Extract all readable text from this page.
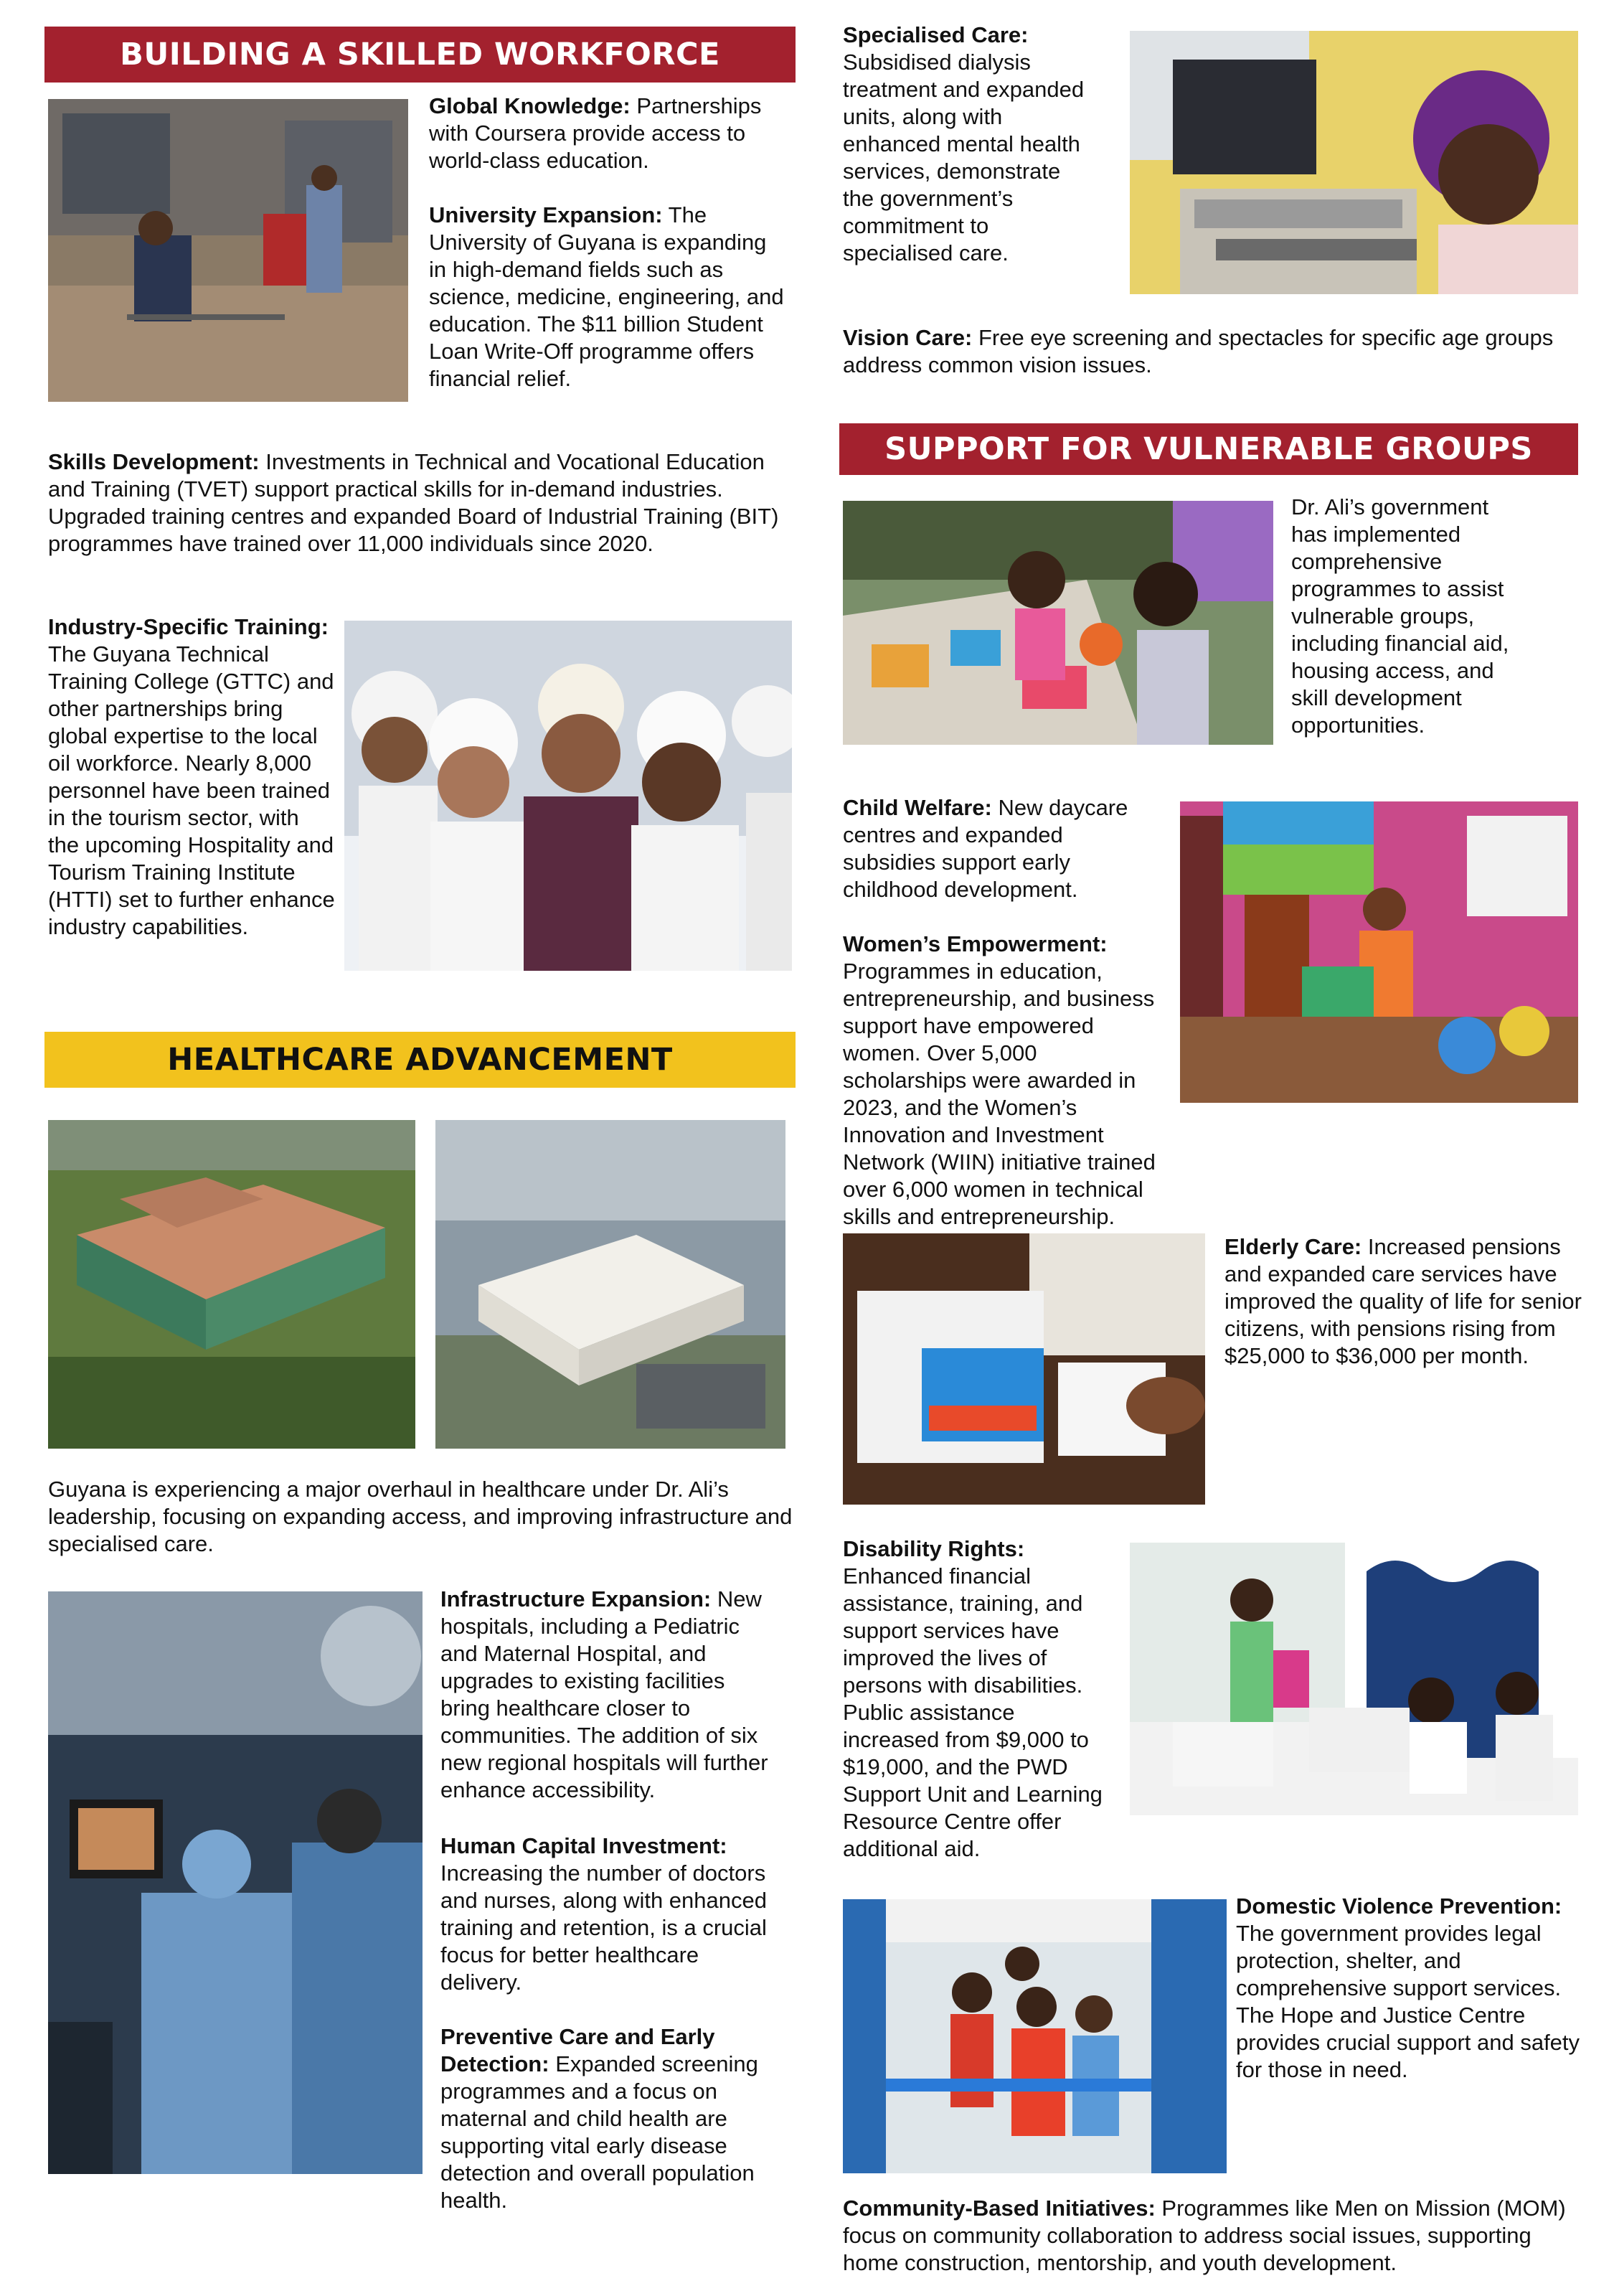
BUILDING A SKILLED WORKFORCE

Global Knowledge: Partnerships with Coursera provide access to world-class education.

University Expansion: The University of Guyana is expanding in high-demand fields such as science, medicine, engineering, and education. The $11 billion Student Loan Write-Off programme offers financial relief.

Skills Development: Investments in Technical and Vocational Education and Training (TVET) support practical skills for in-demand industries. Upgraded training centres and expanded Board of Industrial Training (BIT) programmes have trained over 11,000 individuals since 2020.

Industry-Specific Training: The Guyana Technical Training College (GTTC) and other partnerships bring global expertise to the local oil workforce. Nearly 8,000 personnel have been trained in the tourism sector, with the upcoming Hospitality and Tourism Training Institute (HTTI) set to further enhance industry capabilities.

HEALTHCARE ADVANCEMENT

Guyana is experiencing a major overhaul in healthcare under Dr. Ali’s leadership, focusing on expanding access, and improving infrastructure and specialised care.

Infrastructure Expansion: New hospitals, including a Pediatric and Maternal Hospital, and upgrades to existing facilities bring healthcare closer to communities. The addition of six new regional hospitals will further enhance accessibility.

Human Capital Investment: Increasing the number of doctors and nurses, along with enhanced training and retention, is a crucial focus for better healthcare delivery.

Preventive Care and Early Detection: Expanded screening programmes and a focus on maternal and child health are supporting vital early disease detection and overall population health.

Specialised Care: Subsidised dialysis treatment and expanded units, along with enhanced mental health services, demonstrate the government’s commitment to specialised care.

Vision Care: Free eye screening and spectacles for specific age groups address common vision issues.

SUPPORT FOR VULNERABLE GROUPS

Dr. Ali’s government has implemented comprehensive programmes to assist vulnerable groups, including financial aid, housing access, and skill development opportunities.

Child Welfare: New daycare centres and expanded subsidies support early childhood development.

Women’s Empowerment: Programmes in education, entrepreneurship, and business support have empowered women. Over 5,000 scholarships were awarded in 2023, and the Women’s Innovation and Investment Network (WIIN) initiative trained over 6,000 women in technical skills and entrepreneurship.

Elderly Care: Increased pensions and expanded care services have improved the quality of life for senior citizens, with pensions rising from $25,000 to $36,000 per month.

Disability Rights: Enhanced financial assistance, training, and support services have improved the lives of persons with disabilities. Public assistance increased from $9,000 to $19,000, and the PWD Support Unit and Learning Resource Centre offer additional aid.

Domestic Violence Prevention: The government provides legal protection, shelter, and comprehensive support services. The Hope and Justice Centre provides crucial support and safety for those in need.

Community-Based Initiatives: Programmes like Men on Mission (MOM) focus on community collaboration to address social issues, supporting home construction, mentorship, and youth development.
